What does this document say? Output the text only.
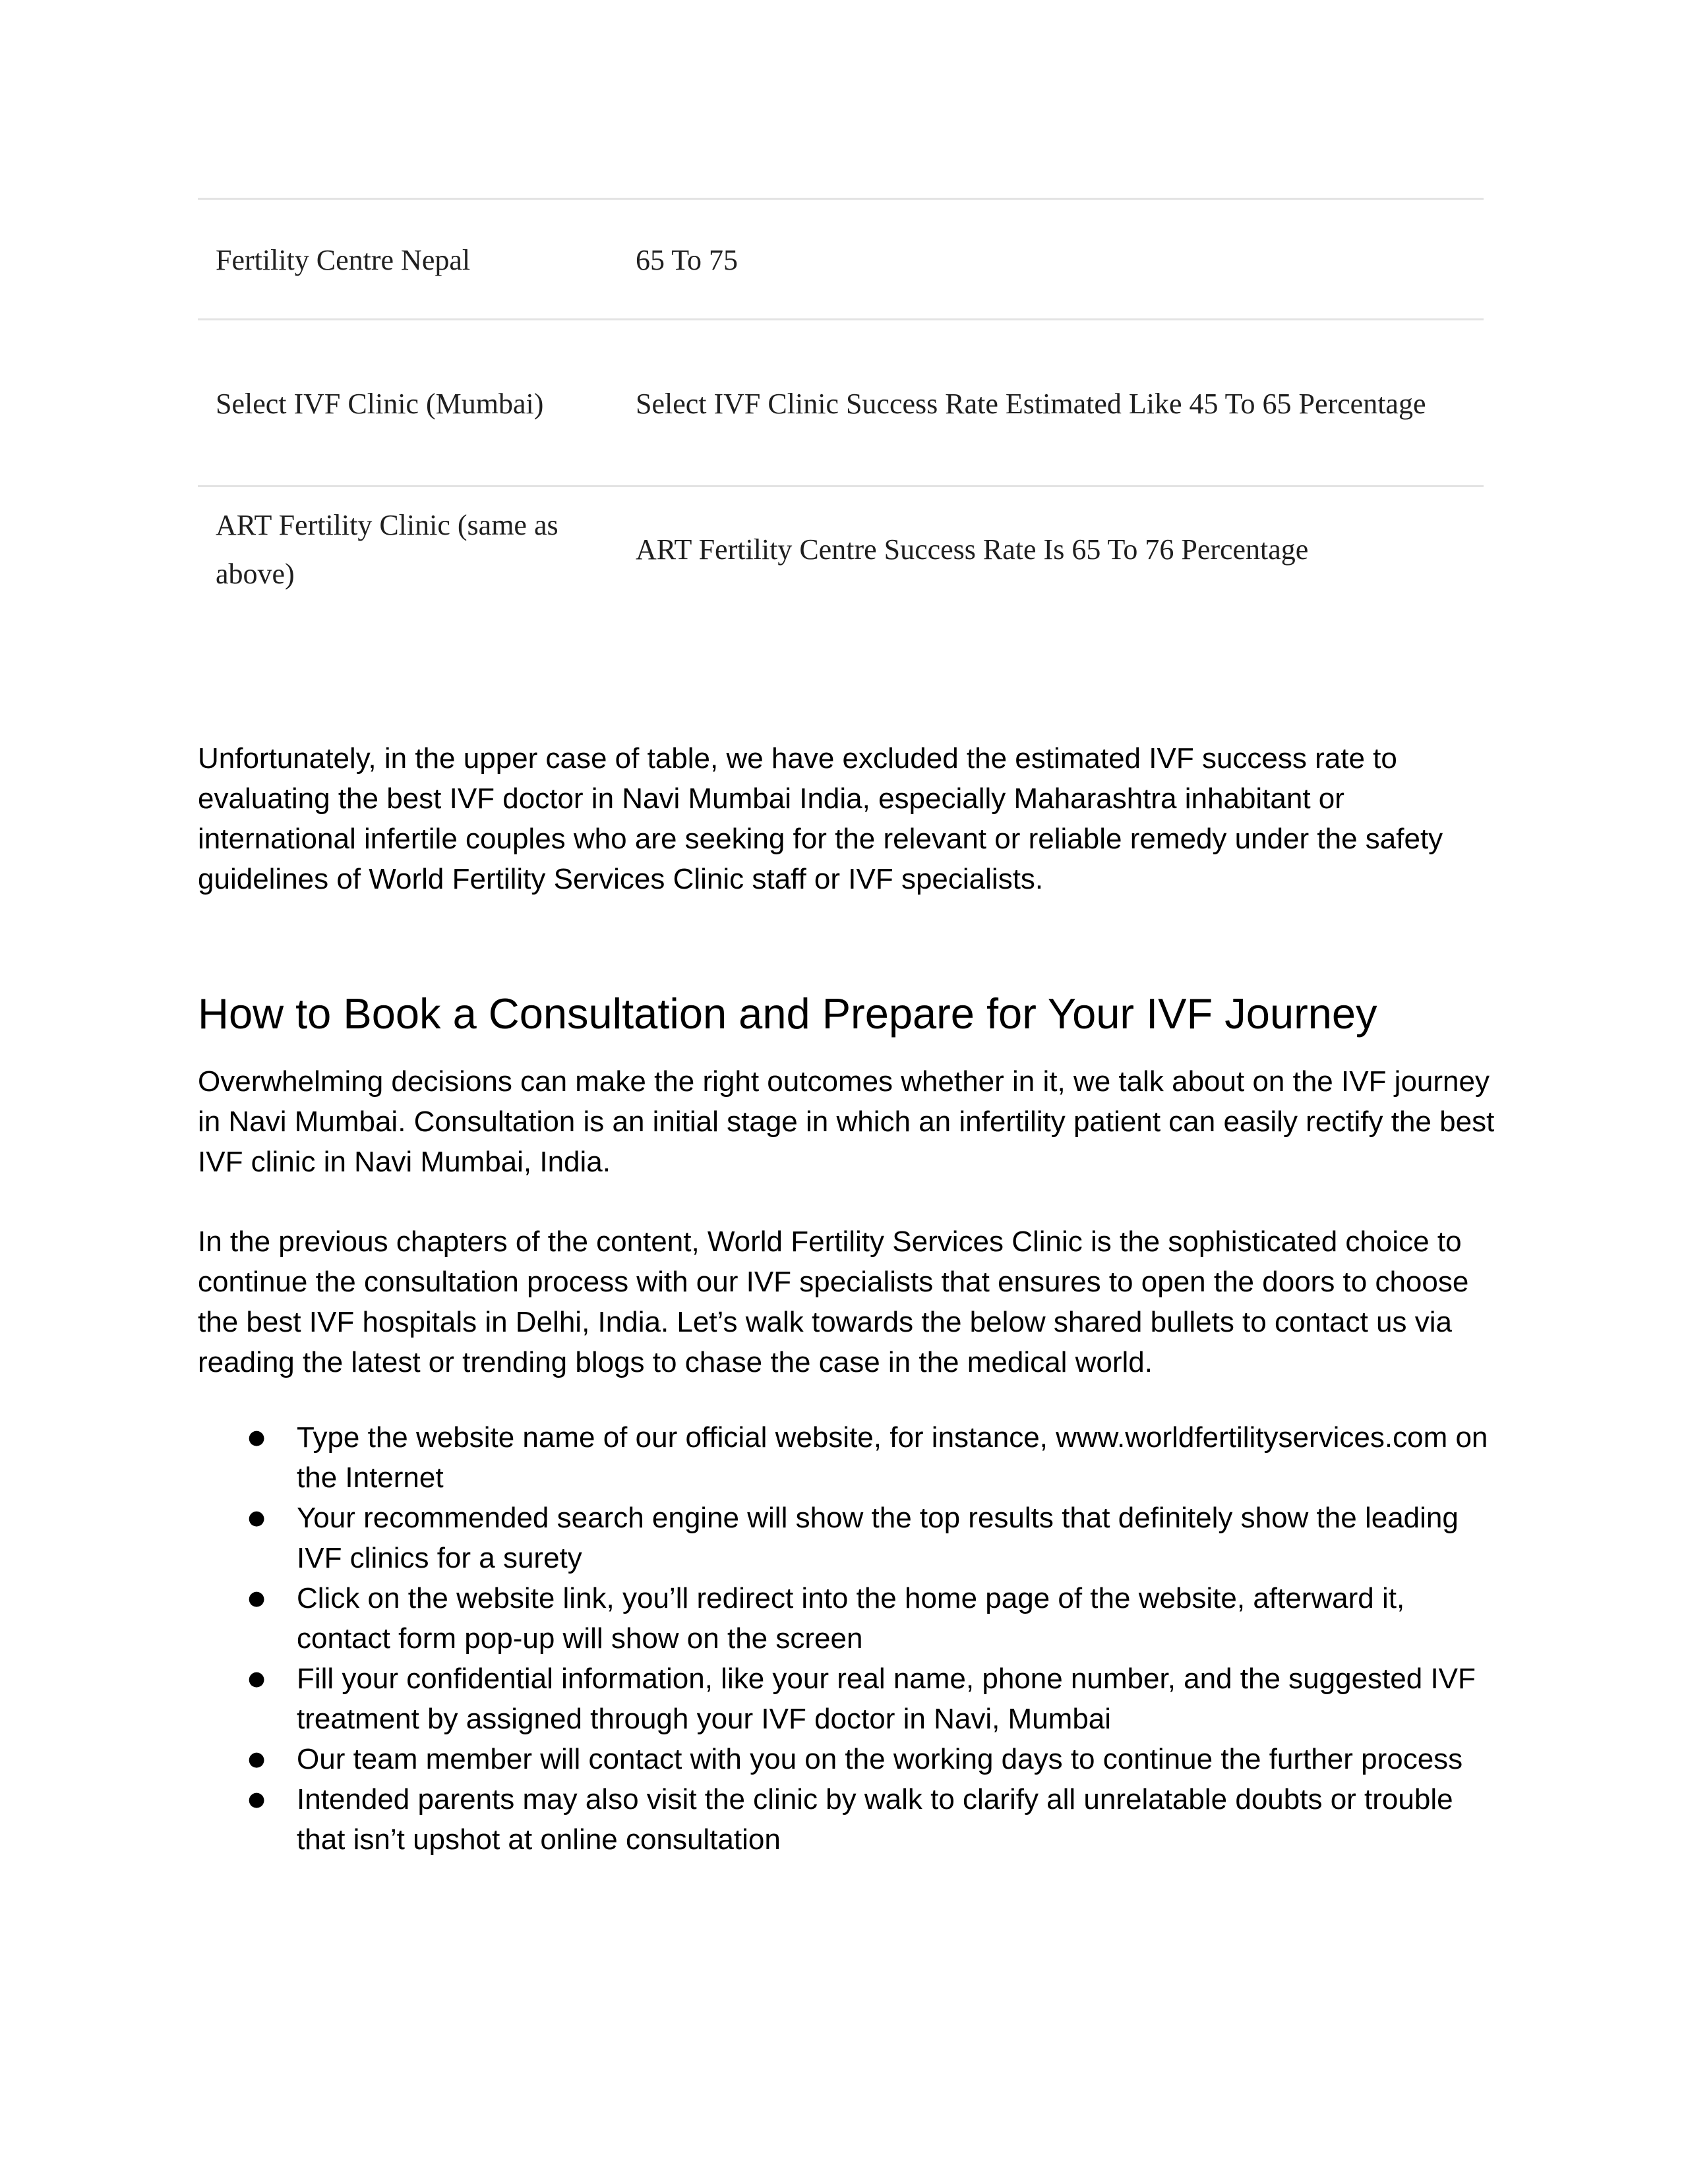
Fertility Centre Nepal	65 To 75
Select IVF Clinic (Mumbai)	Select IVF Clinic Success Rate Estimated Like 45 To 65 Percentage
ART Fertility Clinic (same as above)
ART Fertility Centre Success Rate Is 65 To 76 Percentage

Unfortunately, in the upper case of table, we have excluded the estimated IVF success rate to evaluating the best IVF doctor in Navi Mumbai India, especially Maharashtra inhabitant or international infertile couples who are seeking for the relevant or reliable remedy under the safety guidelines of World Fertility Services Clinic staff or IVF specialists.

How to Book a Consultation and Prepare for Your IVF Journey

Overwhelming decisions can make the right outcomes whether in it, we talk about on the IVF journey in Navi Mumbai. Consultation is an initial stage in which an infertility patient can easily rectify the best IVF clinic in Navi Mumbai, India.

In the previous chapters of the content, World Fertility Services Clinic is the sophisticated choice to continue the consultation process with our IVF specialists that ensures to open the doors to choose the best IVF hospitals in Delhi, India. Let’s walk towards the below shared bullets to contact us via reading the latest or trending blogs to chase the case in the medical world.

● Type the website name of our official website, for instance, www.worldfertilityservices.com on the Internet
● Your recommended search engine will show the top results that definitely show the leading IVF clinics for a surety
● Click on the website link, you’ll redirect into the home page of the website, afterward it, contact form pop-up will show on the screen
● Fill your confidential information, like your real name, phone number, and the suggested IVF treatment by assigned through your IVF doctor in Navi, Mumbai
● Our team member will contact with you on the working days to continue the further process
● Intended parents may also visit the clinic by walk to clarify all unrelatable doubts or trouble that isn’t upshot at online consultation
